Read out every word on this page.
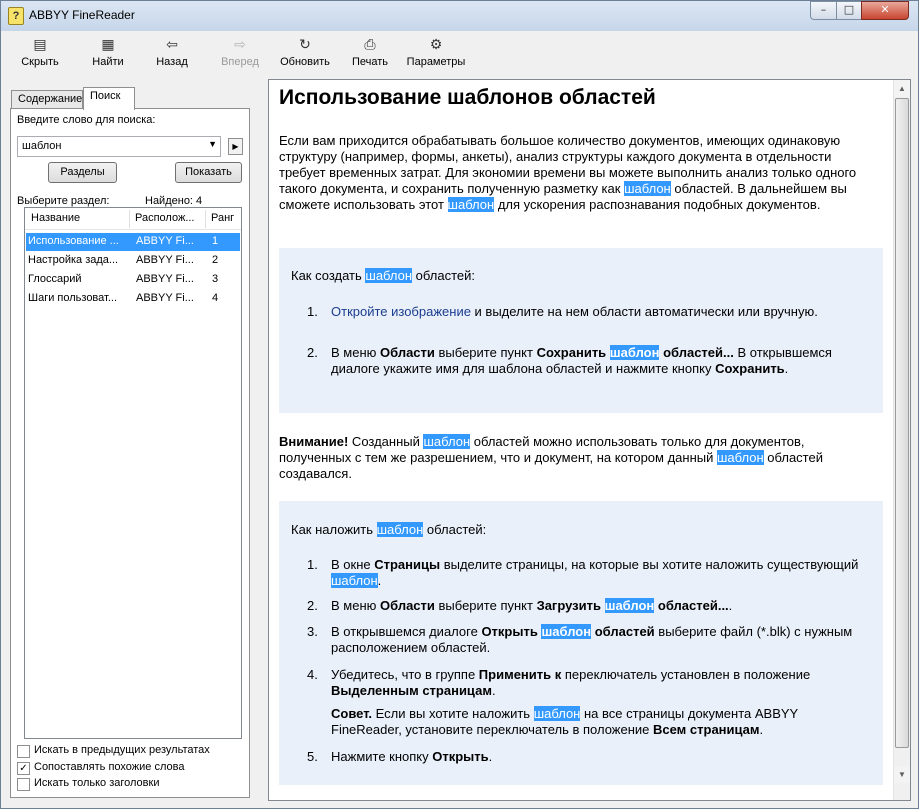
? ABBYY FineReader	–	□	✕
▤
Скрыть
▦
Найти
⇦
Назад
⇨
Вперед
↻
Обновить
⎙
Печать
⚙
Параметры
Содержание Поиск
Введите слово для поиска:
шаблон	▼	▶
Разделы	Показать
Выберите раздел:	Найдено: 4
Название	Располож... Ранг
Использование ...	ABBYY Fi...	1
Настройка зада...	ABBYY Fi...	2
Глоссарий	ABBYY Fi...	3
Шаги пользоват...	ABBYY Fi...	4
Искать в предыдущих результатах
✓ Сопоставлять похожие слова
Искать только заголовки
Использование шаблонов областей

Если вам приходится обрабатывать большое количество документов, имеющих одинаковую структуру (например, формы, анкеты), анализ структуры каждого документа в отдельности требует временных затрат. Для экономии времени вы можете выполнить анализ только одного такого документа, и сохранить полученную разметку как шаблон областей. В дальнейшем вы сможете использовать этот шаблон для ускорения распознавания подобных документов.

Как создать шаблон областей:
1. Откройте изображение и выделите на нем области автоматически или вручную.
2. В меню Области выберите пункт Сохранить шаблон областей... В открывшемся диалоге укажите имя для шаблона областей и нажмите кнопку Сохранить.

Внимание! Созданный шаблон областей можно использовать только для документов, полученных с тем же разрешением, что и документ, на котором данный шаблон областей создавался.

Как наложить шаблон областей:
1. В окне Страницы выделите страницы, на которые вы хотите наложить существующий шаблон.
2. В меню Области выберите пункт Загрузить шаблон областей....
3. В открывшемся диалоге Открыть шаблон областей выберите файл (*.blk) с нужным расположением областей.
4. Убедитесь, что в группе Применить к переключатель установлен в положение Выделенным страницам.
Совет. Если вы хотите наложить шаблон на все страницы документа ABBYY FineReader, установите переключатель в положение Всем страницам.
5. Нажмите кнопку Открыть.
▲
▼
